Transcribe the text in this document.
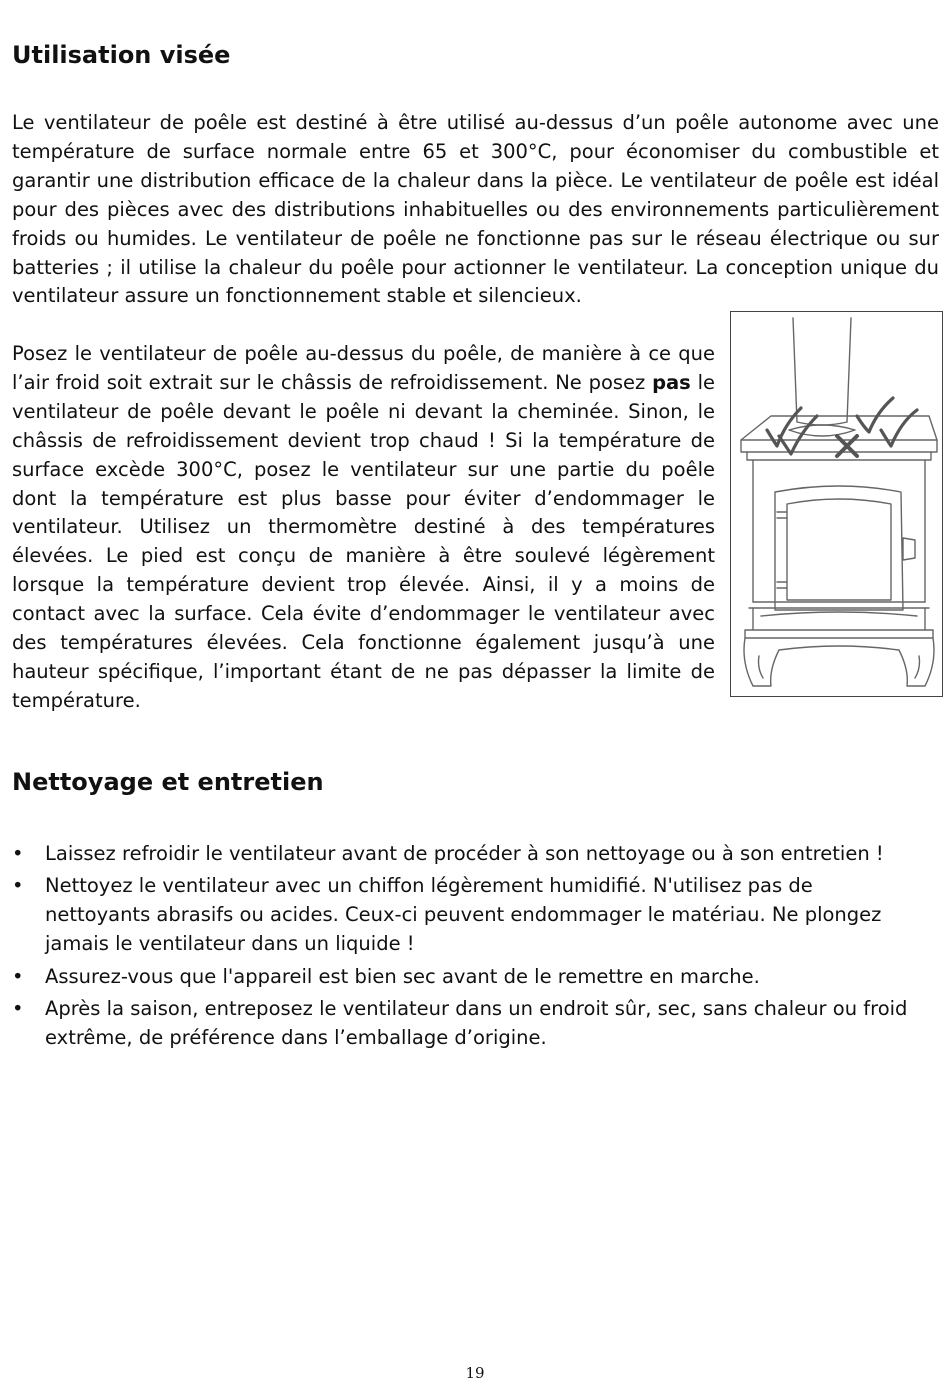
Utilisation visée

Le ventilateur de poêle est destiné à être utilisé au-dessus d’un poêle autonome avec une température de surface normale entre 65 et 300°C, pour économiser du combustible et garantir une distribution efficace de la chaleur dans la pièce. Le ventilateur de poêle est idéal pour des pièces avec des distributions inhabituelles ou des environnements particulièrement froids ou humides. Le ventilateur de poêle ne fonctionne pas sur le réseau électrique ou sur batteries ; il utilise la chaleur du poêle pour actionner le ventilateur. La conception unique du ventilateur assure un fonctionnement stable et silencieux.

Posez le ventilateur de poêle au-dessus du poêle, de manière à ce que l’air froid soit extrait sur le châssis de refroidissement. Ne posez pas le ventilateur de poêle devant le poêle ni devant la cheminée. Sinon, le châssis de refroidissement devient trop chaud ! Si la température de surface excède 300°C, posez le ventilateur sur une partie du poêle dont la température est plus basse pour éviter d’endommager le ventilateur. Utilisez un thermomètre destiné à des températures élevées. Le pied est conçu de manière à être soulevé légèrement lorsque la température devient trop élevée. Ainsi, il y a moins de contact avec la surface. Cela évite d’endommager le ventilateur avec des températures élevées. Cela fonctionne également jusqu’à une hauteur spécifique, l’important étant de ne pas dépasser la limite de température.

Nettoyage et entretien
• Laissez refroidir le ventilateur avant de procéder à son nettoyage ou à son entretien !
• Nettoyez le ventilateur avec un chiffon légèrement humidifié. N'utilisez pas de nettoyants abrasifs ou acides. Ceux-ci peuvent endommager le matériau. Ne plongez jamais le ventilateur dans un liquide !
• Assurez-vous que l'appareil est bien sec avant de le remettre en marche.
• Après la saison, entreposez le ventilateur dans un endroit sûr, sec, sans chaleur ou froid extrême, de préférence dans l’emballage d’origine.
19
